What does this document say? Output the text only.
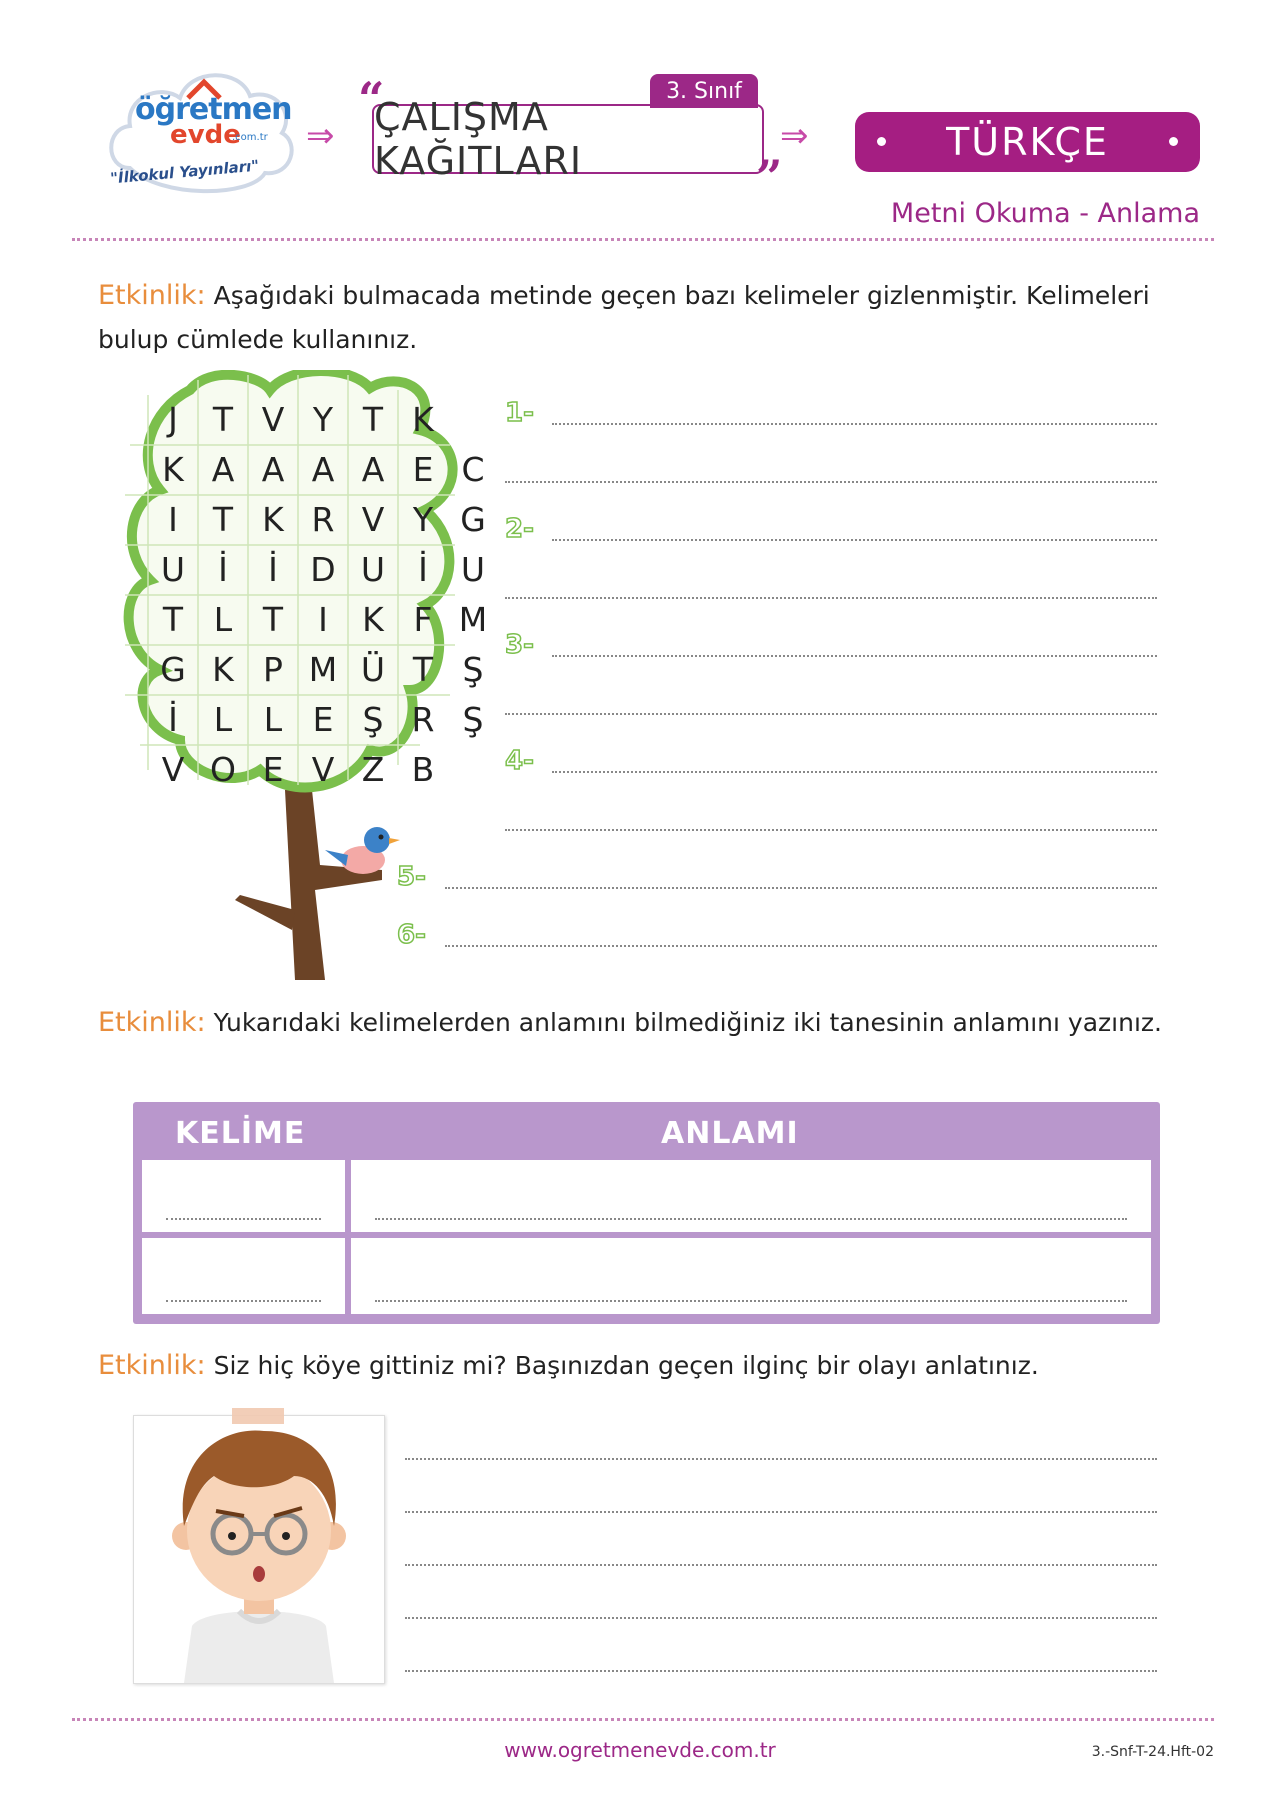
öğretmen
evde
.com.tr
"İlkokul Yayınları"
⇒
“	3. Sınıf
ÇALIŞMA KAĞITLARI	”
⇒	TÜRKÇE
Metni Okuma - Anlama
Etkinlik: Aşağıdaki bulmacada metinde geçen bazı kelimeler gizlenmiştir. Kelimeleri bulup cümlede kullanınız.
J	T V Y T K
K A A A A E C
I	T K R V Y G
U	İ	İ D U	İ	U
T L T	I	K F M
G K P M Ü T Ş
İ	L L E Ş R Ş
V O E V Z B
1-
2-
3-
4-
5-
6-
Etkinlik: Yukarıdaki kelimelerden anlamını bilmediğiniz iki tanesinin anlamını yazınız.
KELİME	ANLAMI
Etkinlik: Siz hiç köye gittiniz mi? Başınızdan geçen ilginç bir olayı anlatınız.
www.ogretmenevde.com.tr	3.-Snf-T-24.Hft-02
